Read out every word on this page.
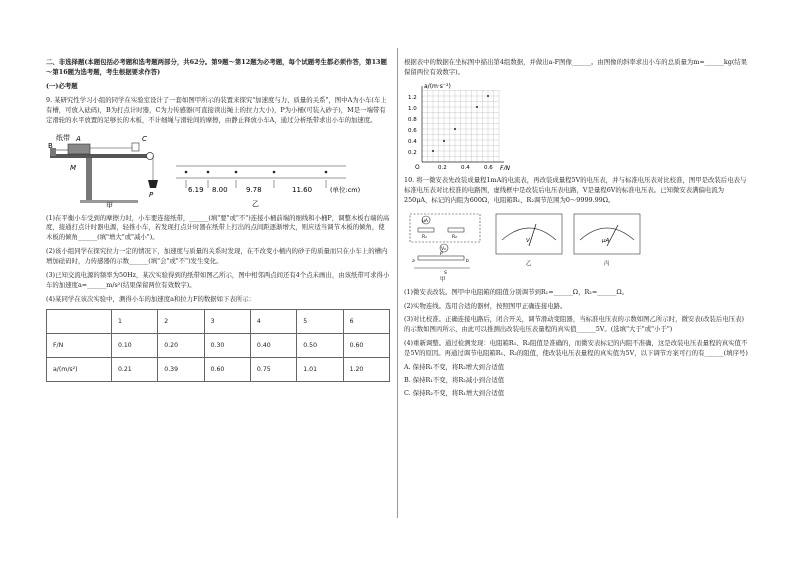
二、非选择题(本题包括必考题和选考题两部分，共62分。第9题～第12题为必考题，每个试题考生都必须作答，第13题～第16题为选考题，考生根据要求作答)

(一)必考题

9. 某研究性学习小组的同学在实验室设计了一套如图甲所示的装置来探究"加速度与力、质量的关系"，图中A为小车(车上有槽，可放入砝码)，B为打点计时器，C为力传感器(可直接读出绳上的拉力大小)，P为小桶(可装入砂子)，M是一端带有定滑轮的水平放置的足够长的木板，不计细绳与滑轮间的摩擦，由静止释放小车A，通过分析纸带求出小车的加速度。

纸带
B
A	C
M
P
甲
6.19 8.00	9.78	11.60	(单位:cm)
乙

(1)在平衡小车受到的摩擦力时，小车要连接纸带，______(填"要"或"不")连接小桶前端的细线和小桶P，调整木板右端的高度，接通打点计时器电源，轻推小车，若发现打点计时器在纸带上打出的点间距逐渐增大，则应适当调节木板的倾角，使木板的倾角______(填"增大"或"减小")。

(2)该小组同学在探究拉力一定的情况下，加速度与质量的关系时发现，在不改变小桶内的砂子的质量而只在小车上的槽内增加砝码时，力传感器的示数______(填"会"或"不")发生变化。

(3)已知交流电源的频率为50Hz，某次实验得到的纸带如图乙所示，图中相邻两点间还有4个点未画出，由该纸带可求得小车的加速度a=______m/s²(结果保留两位有效数字)。

(4)某同学在该次实验中，测得小车的加速度a和拉力F的数据如下表所示：

	1	2	3	4	5	6
F/N	0.10	0.20	0.30	0.40	0.50	0.60
a/(m/s²)	0.21	0.39	0.60	0.75	1.01	1.20

根据表中的数据在坐标图中描出第4组数据，并做出a-F图像______。由图像的斜率求出小车的总质量为m=______kg(结果保留两位有效数字)。

a/(m·s⁻²)
F/N
O
1.2
1.0
0.8
0.6
0.4
0.2
0.2	0.4	0.6

10. 将一微安表先改装成量程1mA的电流表，再改装成量程5V的电压表，并与标准电压表对比校准，图甲是改装后电表与标准电压表对比校准的电路图，虚线框中是改装后电压表电路，V是量程6V的标准电压表。已知微安表满偏电流为250μA，标记的内阻为600Ω，电阻箱R₁、R₂调节范围为0～9999.99Ω。

μA
R₁	R₂
V₀
P
a	b
S
甲
V
乙
μA
丙

(1)微安表改装。图甲中电阻箱的阻值分别调节到R₁=______Ω，R₂=______Ω。

(2)实物连线。选用合适的器材，按照图甲正确连接电路。

(3)对比校准。正确连接电路后，闭合开关，调节滑动变阻器，当标准电压表的示数如图乙所示时，微安表(改装后电压表)的示数如图丙所示，由此可以推测出改装电压表量程的真实值______5V。(选填"大于"或"小于")

(4)重新调整。通过检测发现：电阻箱R₁、R₂阻值是准确的，而微安表标记的内阻不准确，这是改装电压表量程的真实值不是5V的原因。再通过调节电阻箱R₁、R₂的阻值，使改装电压表量程的真实值为5V，以下调节方案可行的有______(填序号)

A. 保持R₁不变，将R₂增大到合适值

B. 保持R₁不变，将R₂减小到合适值

C. 保持R₂不变，将R₁增大到合适值
